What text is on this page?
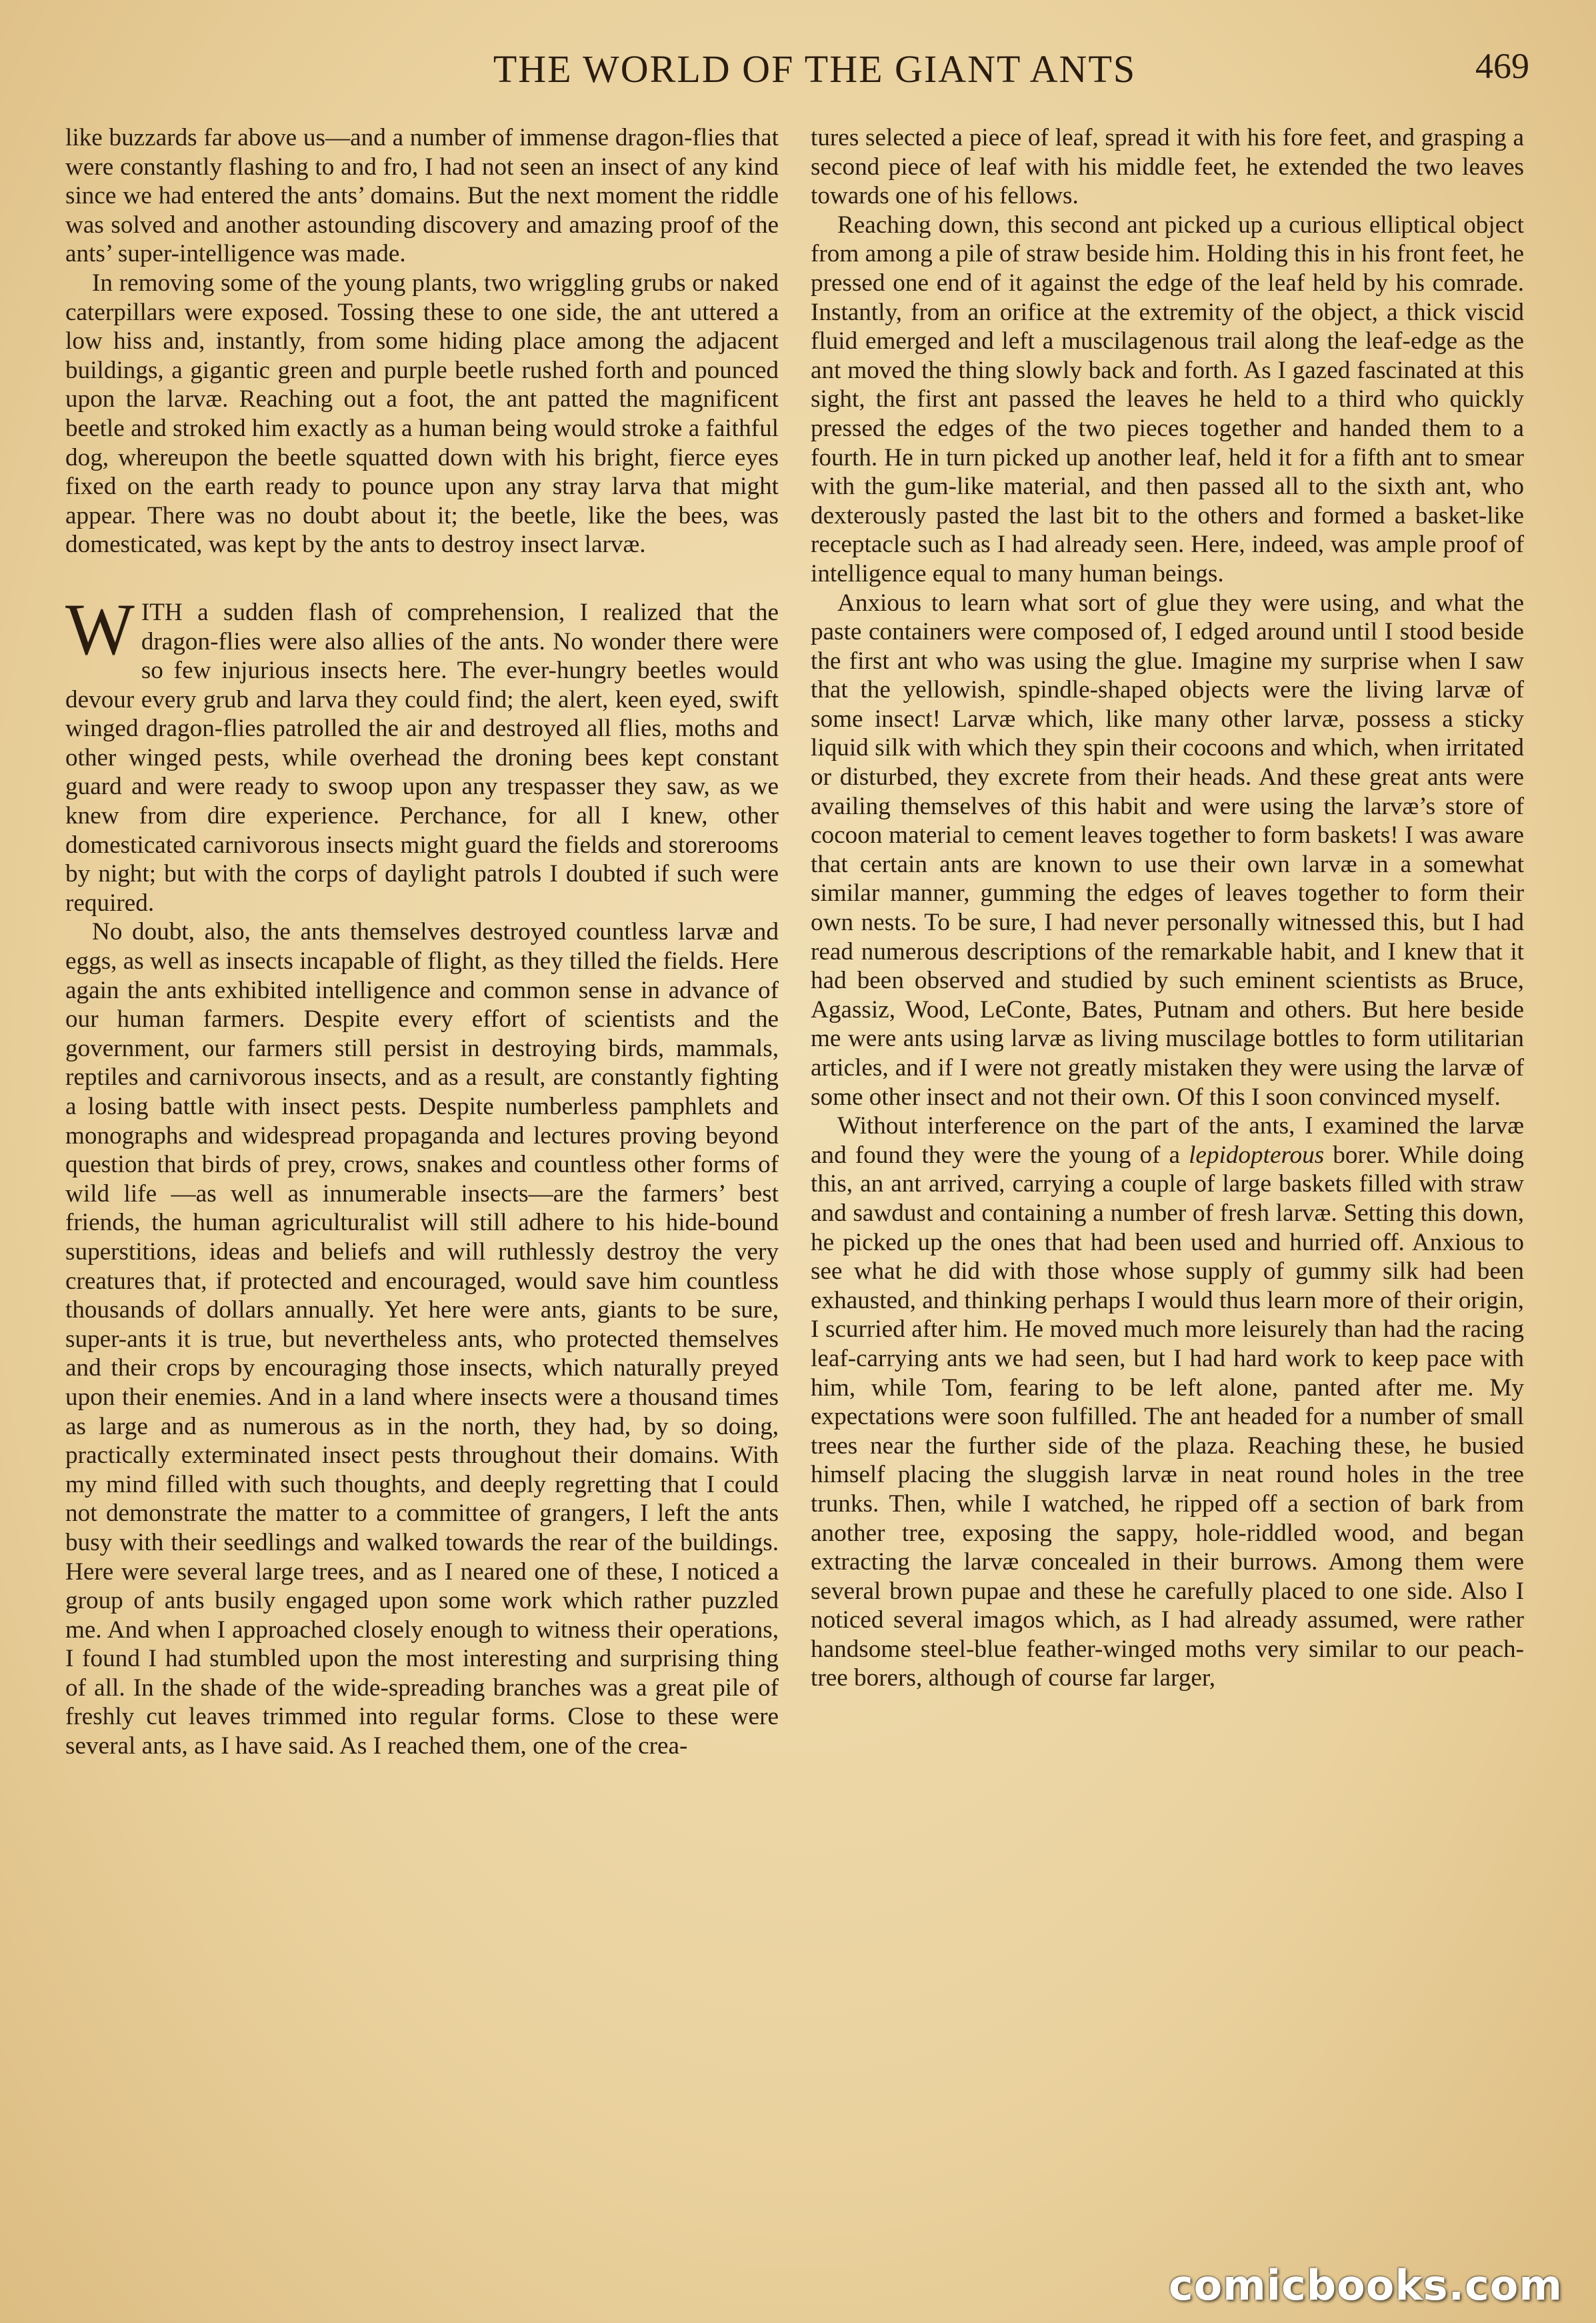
THE WORLD OF THE GIANT ANTS	469

like buzzards far above us—and a number of immense dragon-flies that were constantly flashing to and fro, I had not seen an insect of any kind since we had entered the ants’ domains. But the next moment the riddle was solved and another astounding discovery and amazing proof of the ants’ super-intelligence was made.

In removing some of the young plants, two wriggling grubs or naked caterpillars were exposed. Tossing these to one side, the ant uttered a low hiss and, instantly, from some hiding place among the adjacent buildings, a gigantic green and purple beetle rushed forth and pounced upon the larvæ. Reaching out a foot, the ant patted the magnificent beetle and stroked him exactly as a human being would stroke a faithful dog, whereupon the beetle squatted down with his bright, fierce eyes fixed on the earth ready to pounce upon any stray larva that might appear. There was no doubt about it; the beetle, like the bees, was domesticated, was kept by the ants to destroy insect larvæ.

WITH a sudden flash of comprehension, I realized that the dragon-flies were also allies of the ants. No wonder there were so few injurious insects here. The ever-hungry beetles would devour every grub and larva they could find; the alert, keen eyed, swift winged dragon-flies patrolled the air and destroyed all flies, moths and other winged pests, while overhead the droning bees kept constant guard and were ready to swoop upon any trespasser they saw, as we knew from dire experience. Perchance, for all I knew, other domesticated carnivorous insects might guard the fields and storerooms by night; but with the corps of daylight patrols I doubted if such were required.

No doubt, also, the ants themselves destroyed countless larvæ and eggs, as well as insects incapable of flight, as they tilled the fields. Here again the ants exhibited intelligence and common sense in advance of our human farmers. Despite every effort of scientists and the government, our farmers still persist in destroying birds, mammals, reptiles and carnivorous insects, and as a result, are constantly fighting a losing battle with insect pests. Despite numberless pamphlets and monographs and widespread propaganda and lectures proving beyond question that birds of prey, crows, snakes and countless other forms of wild life —as well as innumerable insects—are the farmers’ best friends, the human agriculturalist will still adhere to his hide-bound superstitions, ideas and beliefs and will ruthlessly destroy the very creatures that, if protected and encouraged, would save him countless thousands of dollars annually. Yet here were ants, giants to be sure, super-ants it is true, but nevertheless ants, who protected themselves and their crops by encouraging those insects, which naturally preyed upon their enemies. And in a land where insects were a thousand times as large and as numerous as in the north, they had, by so doing, practically exterminated insect pests throughout their domains. With my mind filled with such thoughts, and deeply regretting that I could not demonstrate the matter to a committee of grangers, I left the ants busy with their seedlings and walked towards the rear of the buildings. Here were several large trees, and as I neared one of these, I noticed a group of ants busily engaged upon some work which rather puzzled me. And when I approached closely enough to witness their operations, I found I had stumbled upon the most interesting and surprising thing of all. In the shade of the wide-spreading branches was a great pile of freshly cut leaves trimmed into regular forms. Close to these were several ants, as I have said. As I reached them, one of the crea-

tures selected a piece of leaf, spread it with his fore feet, and grasping a second piece of leaf with his middle feet, he extended the two leaves towards one of his fellows.

Reaching down, this second ant picked up a curious elliptical object from among a pile of straw beside him. Holding this in his front feet, he pressed one end of it against the edge of the leaf held by his comrade. Instantly, from an orifice at the extremity of the object, a thick viscid fluid emerged and left a muscilagenous trail along the leaf-edge as the ant moved the thing slowly back and forth. As I gazed fascinated at this sight, the first ant passed the leaves he held to a third who quickly pressed the edges of the two pieces together and handed them to a fourth. He in turn picked up another leaf, held it for a fifth ant to smear with the gum-like material, and then passed all to the sixth ant, who dexterously pasted the last bit to the others and formed a basket-like receptacle such as I had already seen. Here, indeed, was ample proof of intelligence equal to many human beings.

Anxious to learn what sort of glue they were using, and what the paste containers were composed of, I edged around until I stood beside the first ant who was using the glue. Imagine my surprise when I saw that the yellowish, spindle-shaped objects were the living larvæ of some insect! Larvæ which, like many other larvæ, possess a sticky liquid silk with which they spin their cocoons and which, when irritated or disturbed, they excrete from their heads. And these great ants were availing themselves of this habit and were using the larvæ’s store of cocoon material to cement leaves together to form baskets! I was aware that certain ants are known to use their own larvæ in a somewhat similar manner, gumming the edges of leaves together to form their own nests. To be sure, I had never personally witnessed this, but I had read numerous descriptions of the remarkable habit, and I knew that it had been observed and studied by such eminent scientists as Bruce, Agassiz, Wood, LeConte, Bates, Putnam and others. But here beside me were ants using larvæ as living muscilage bottles to form utilitarian articles, and if I were not greatly mistaken they were using the larvæ of some other insect and not their own. Of this I soon convinced myself.

Without interference on the part of the ants, I examined the larvæ and found they were the young of a lepidopterous borer. While doing this, an ant arrived, carrying a couple of large baskets filled with straw and sawdust and containing a number of fresh larvæ. Setting this down, he picked up the ones that had been used and hurried off. Anxious to see what he did with those whose supply of gummy silk had been exhausted, and thinking perhaps I would thus learn more of their origin, I scurried after him. He moved much more leisurely than had the racing leaf-carrying ants we had seen, but I had hard work to keep pace with him, while Tom, fearing to be left alone, panted after me. My expectations were soon fulfilled. The ant headed for a number of small trees near the further side of the plaza. Reaching these, he busied himself placing the sluggish larvæ in neat round holes in the tree trunks. Then, while I watched, he ripped off a section of bark from another tree, exposing the sappy, hole-riddled wood, and began extracting the larvæ concealed in their burrows. Among them were several brown pupae and these he carefully placed to one side. Also I noticed several imagos which, as I had already assumed, were rather handsome steel-blue feather-winged moths very similar to our peach-tree borers, although of course far larger,

comicbooks.com
